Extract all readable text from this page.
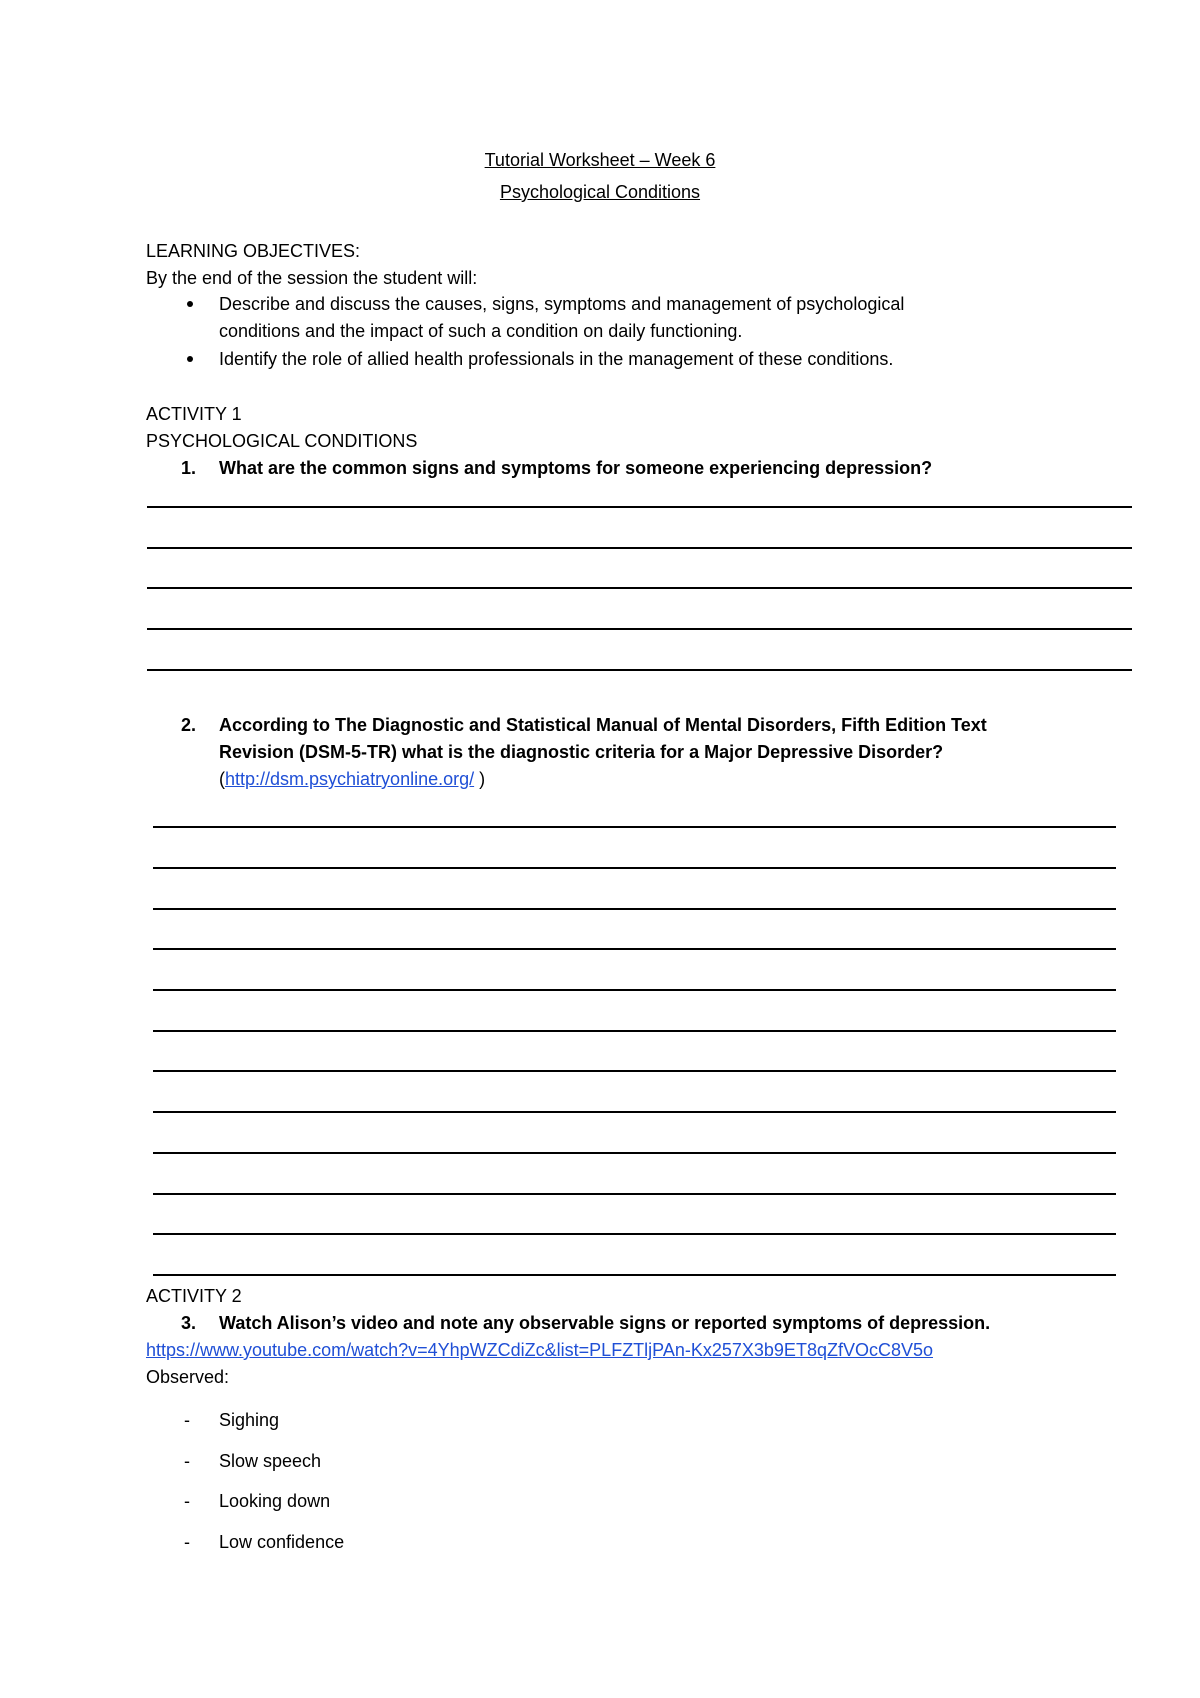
Tutorial Worksheet – Week 6
Psychological Conditions
LEARNING OBJECTIVES:
By the end of the session the student will:
Describe and discuss the causes, signs, symptoms and management of psychological
conditions and the impact of such a condition on daily functioning.
Identify the role of allied health professionals in the management of these conditions.
ACTIVITY 1
PSYCHOLOGICAL CONDITIONS
1. What are the common signs and symptoms for someone experiencing depression?
2. According to The Diagnostic and Statistical Manual of Mental Disorders, Fifth Edition Text
Revision (DSM-5-TR) what is the diagnostic criteria for a Major Depressive Disorder?
(http://dsm.psychiatryonline.org/ )
ACTIVITY 2
3. Watch Alison’s video and note any observable signs or reported symptoms of depression.
https://www.youtube.com/watch?v=4YhpWZCdiZc&list=PLFZTljPAn-Kx257X3b9ET8qZfVOcC8V5o
Observed:
- Sighing
- Slow speech
- Looking down
- Low confidence
